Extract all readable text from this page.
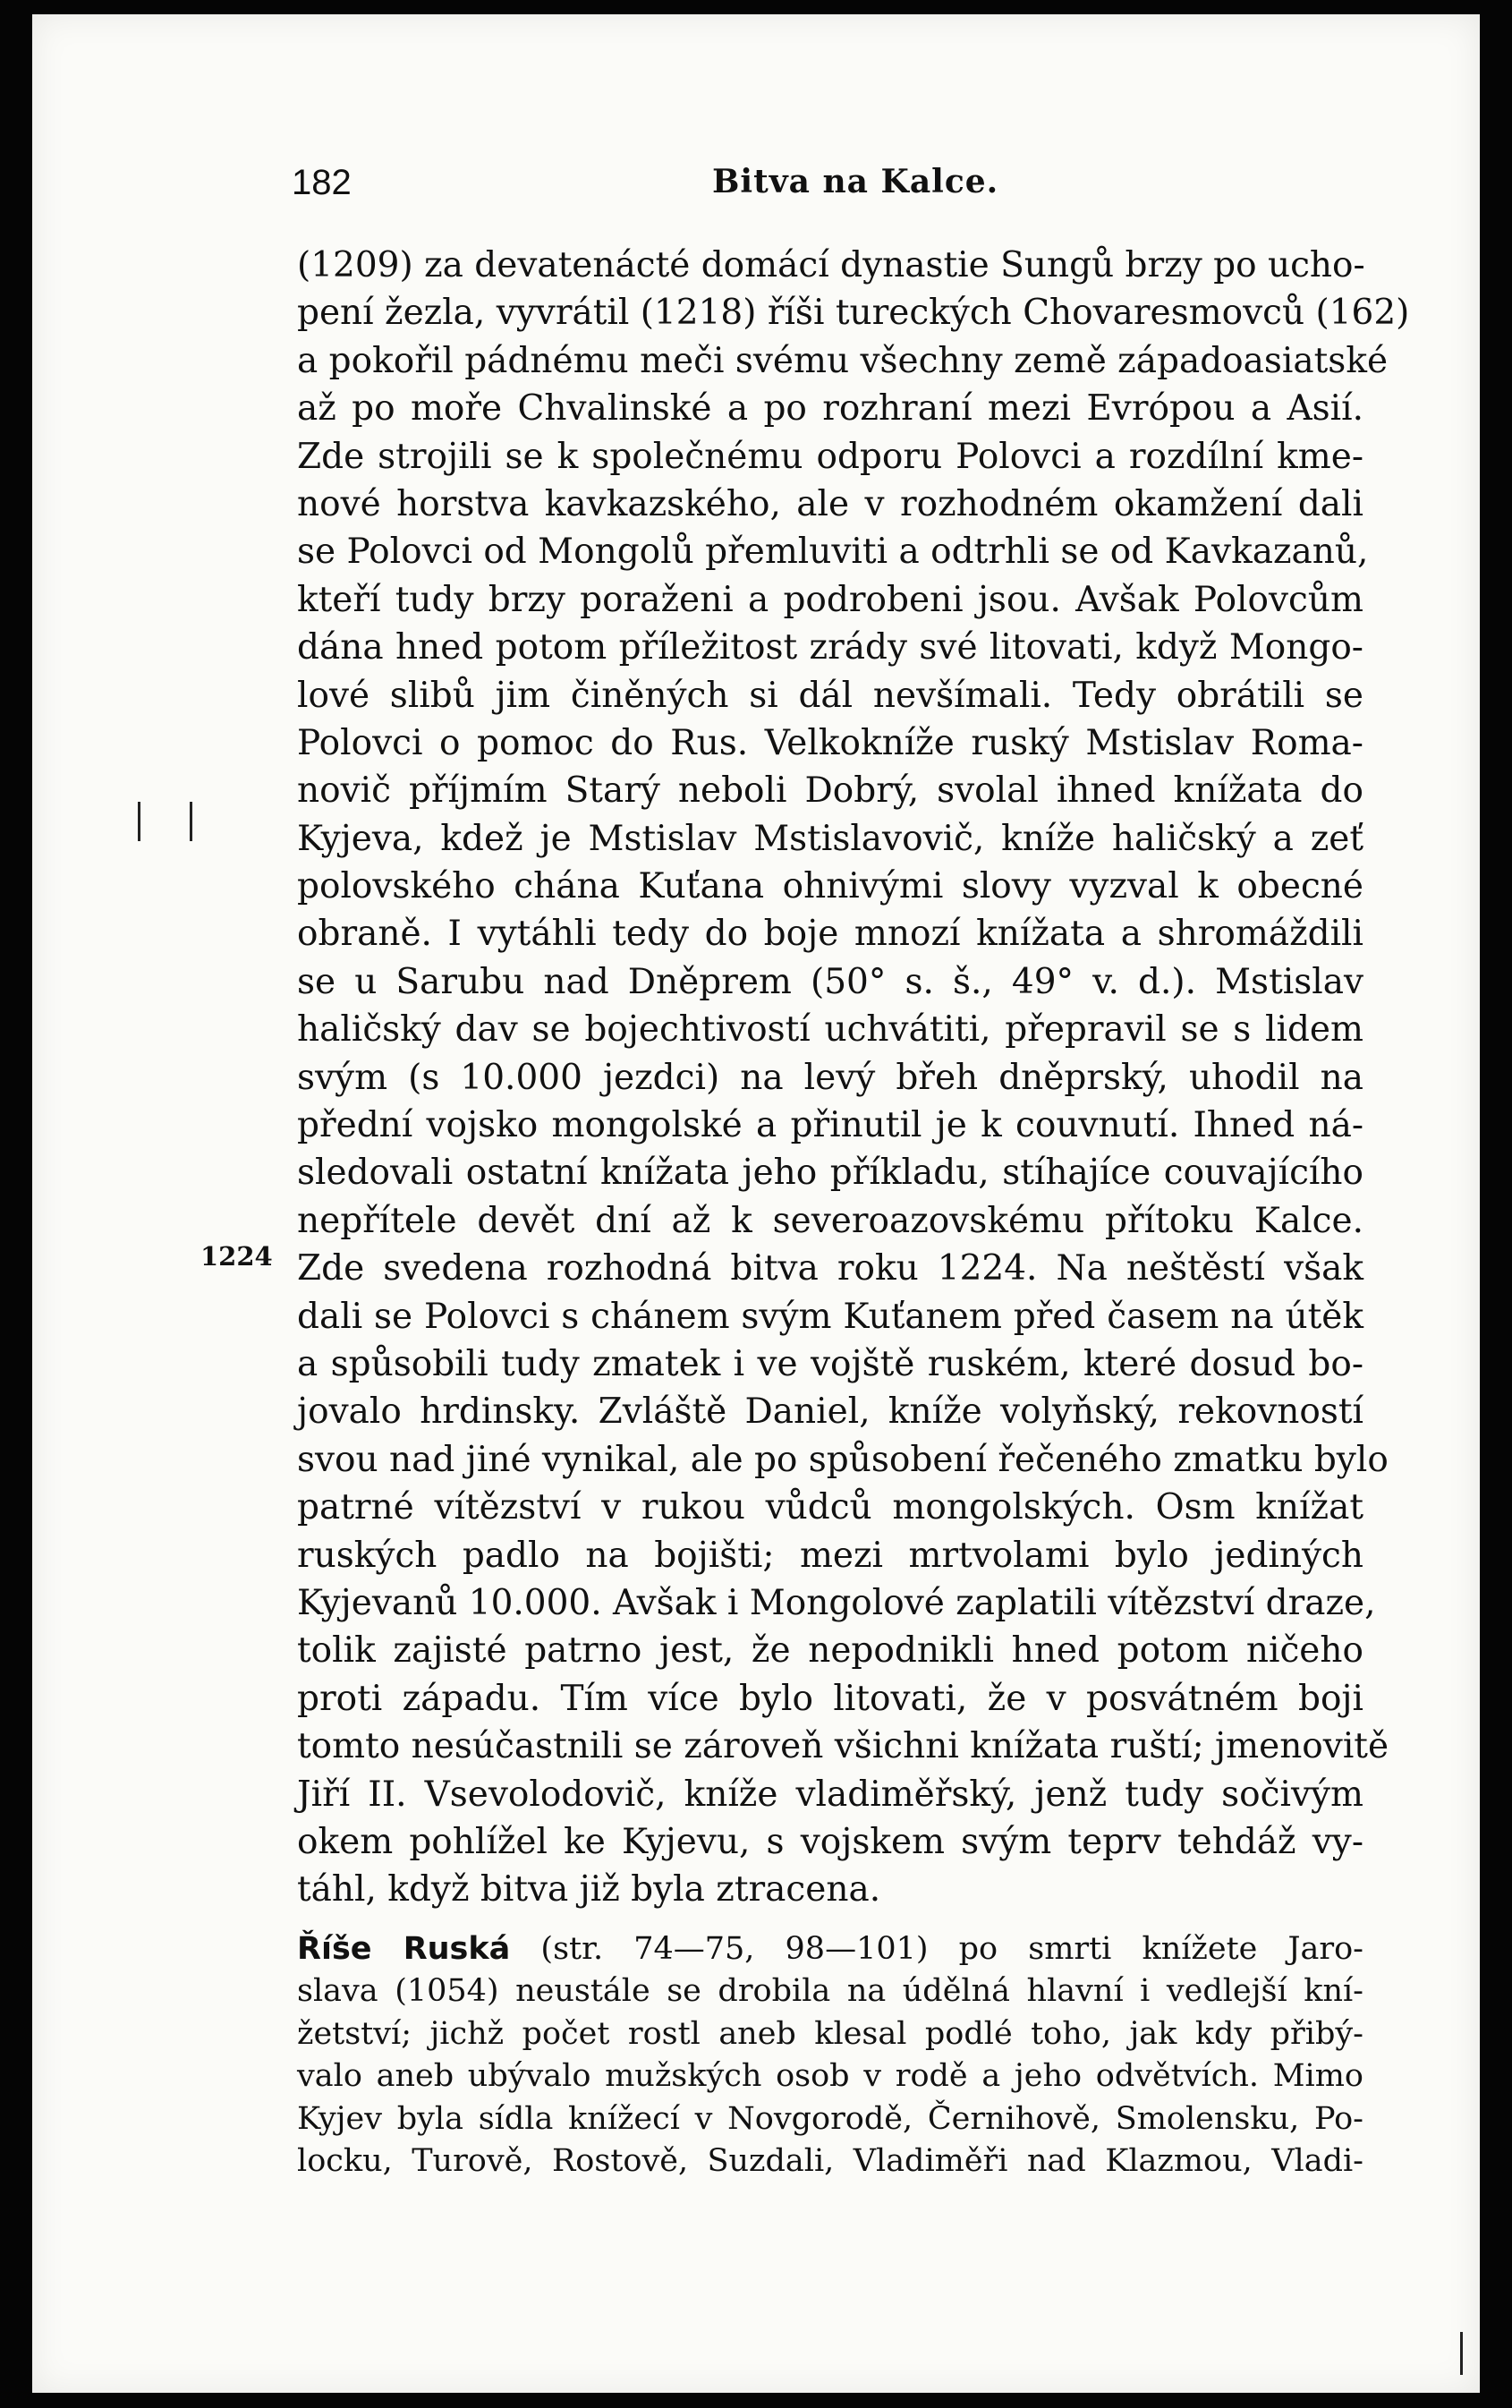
182	Bitva na Kalce.
1224
(1209) za devatenácté domácí dynastie Sungů brzy po ucho-
pení žezla, vyvrátil (1218) říši tureckých Chovaresmovců (162)
a pokořil pádnému meči svému všechny země západoasiatské
až po moře Chvalinské a po rozhraní mezi Evrópou a Asií.
Zde strojili se k společnému odporu Polovci a rozdílní kme-
nové horstva kavkazského, ale v rozhodném okamžení dali
se Polovci od Mongolů přemluviti a odtrhli se od Kavkazanů,
kteří tudy brzy poraženi a podrobeni jsou. Avšak Polovcům
dána hned potom příležitost zrády své litovati, když Mongo-
lové slibů jim činěných si dál nevšímali. Tedy obrátili se
Polovci o pomoc do Rus. Velkokníže ruský Mstislav Roma-
novič příjmím Starý neboli Dobrý, svolal ihned knížata do
Kyjeva, kdež je Mstislav Mstislavovič, kníže haličský a zeť
polovského chána Kuťana ohnivými slovy vyzval k obecné
obraně. I vytáhli tedy do boje mnozí knížata a shromáždili
se u Sarubu nad Dněprem (50° s. š., 49° v. d.). Mstislav
haličský dav se bojechtivostí uchvátiti, přepravil se s lidem
svým (s 10.000 jezdci) na levý břeh dněprský, uhodil na
přední vojsko mongolské a přinutil je k couvnutí. Ihned ná-
sledovali ostatní knížata jeho příkladu, stíhajíce couvajícího
nepřítele devět dní až k severoazovskému přítoku Kalce.
Zde svedena rozhodná bitva roku 1224. Na neštěstí však
dali se Polovci s chánem svým Kuťanem před časem na útěk
a spůsobili tudy zmatek i ve vojště ruském, které dosud bo-
jovalo hrdinsky. Zvláště Daniel, kníže volyňský, rekovností
svou nad jiné vynikal, ale po spůsobení řečeného zmatku bylo
patrné vítězství v rukou vůdců mongolských. Osm knížat
ruských padlo na bojišti; mezi mrtvolami bylo jediných
Kyjevanů 10.000. Avšak i Mongolové zaplatili vítězství draze,
tolik zajisté patrno jest, že nepodnikli hned potom ničeho
proti západu. Tím více bylo litovati, že v posvátném boji
tomto nesúčastnili se zároveň všichni knížata ruští; jmenovitě
Jiří II. Vsevolodovič, kníže vladiměřský, jenž tudy sočivým
okem pohlížel ke Kyjevu, s vojskem svým teprv tehdáž vy-
táhl, když bitva již byla ztracena.
Říše Ruská (str. 74—75, 98—101) po smrti knížete Jaro-
slava (1054) neustále se drobila na údělná hlavní i vedlejší kní-
žetství; jichž počet rostl aneb klesal podlé toho, jak kdy přibý-
valo aneb ubývalo mužských osob v rodě a jeho odvětvích. Mimo
Kyjev byla sídla knížecí v Novgorodě, Černihově, Smolensku, Po-
locku, Turově, Rostově, Suzdali, Vladiměři nad Klazmou, Vladi-
